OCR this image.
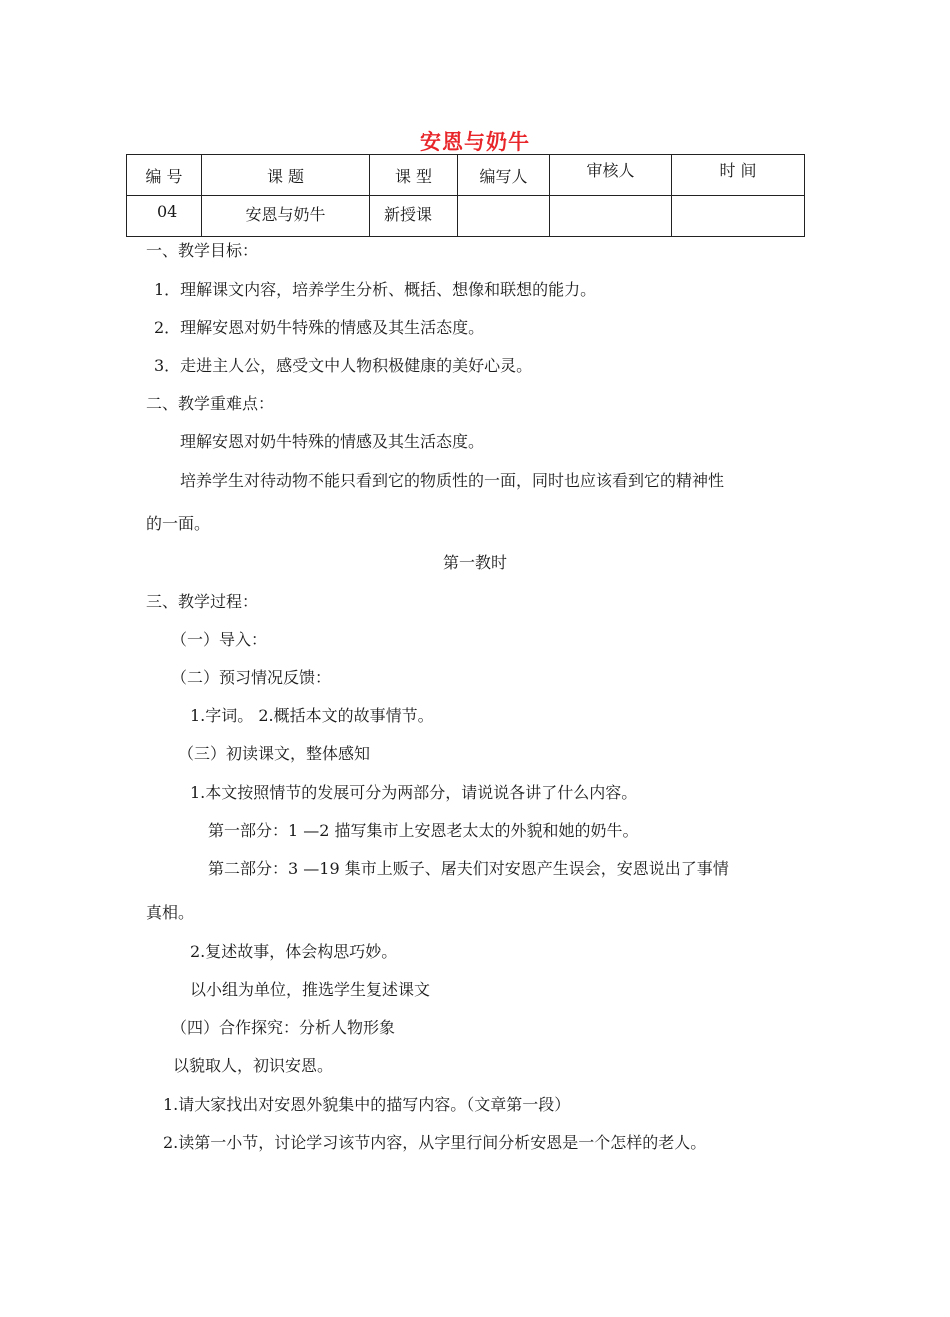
安恩与奶牛
编 号	课 题	课 型	编写人	审核人	时 间

04	安恩与奶牛	新授课			

一、教学目标：
1．理解课文内容，培养学生分析、概括、想像和联想的能力。
2．理解安恩对奶牛特殊的情感及其生活态度。
3．走进主人公，感受文中人物积极健康的美好心灵。
二、教学重难点：
理解安恩对奶牛特殊的情感及其生活态度。
培养学生对待动物不能只看到它的物质性的一面，同时也应该看到它的精神性
的一面。
第一教时
三、教学过程：
（一）导入：
（二）预习情况反馈：
1.字词。 2.概括本文的故事情节。
（三）初读课文，整体感知
1.本文按照情节的发展可分为两部分，请说说各讲了什么内容。
第一部分：1 —2 描写集市上安恩老太太的外貌和她的奶牛。
第二部分：3 —19 集市上贩子、屠夫们对安恩产生误会，安恩说出了事情
真相。
2.复述故事，体会构思巧妙。
以小组为单位，推选学生复述课文
（四）合作探究：分析人物形象
以貌取人，初识安恩。
1.请大家找出对安恩外貌集中的描写内容。（文章第一段）
2.读第一小节，讨论学习该节内容，从字里行间分析安恩是一个怎样的老人。
